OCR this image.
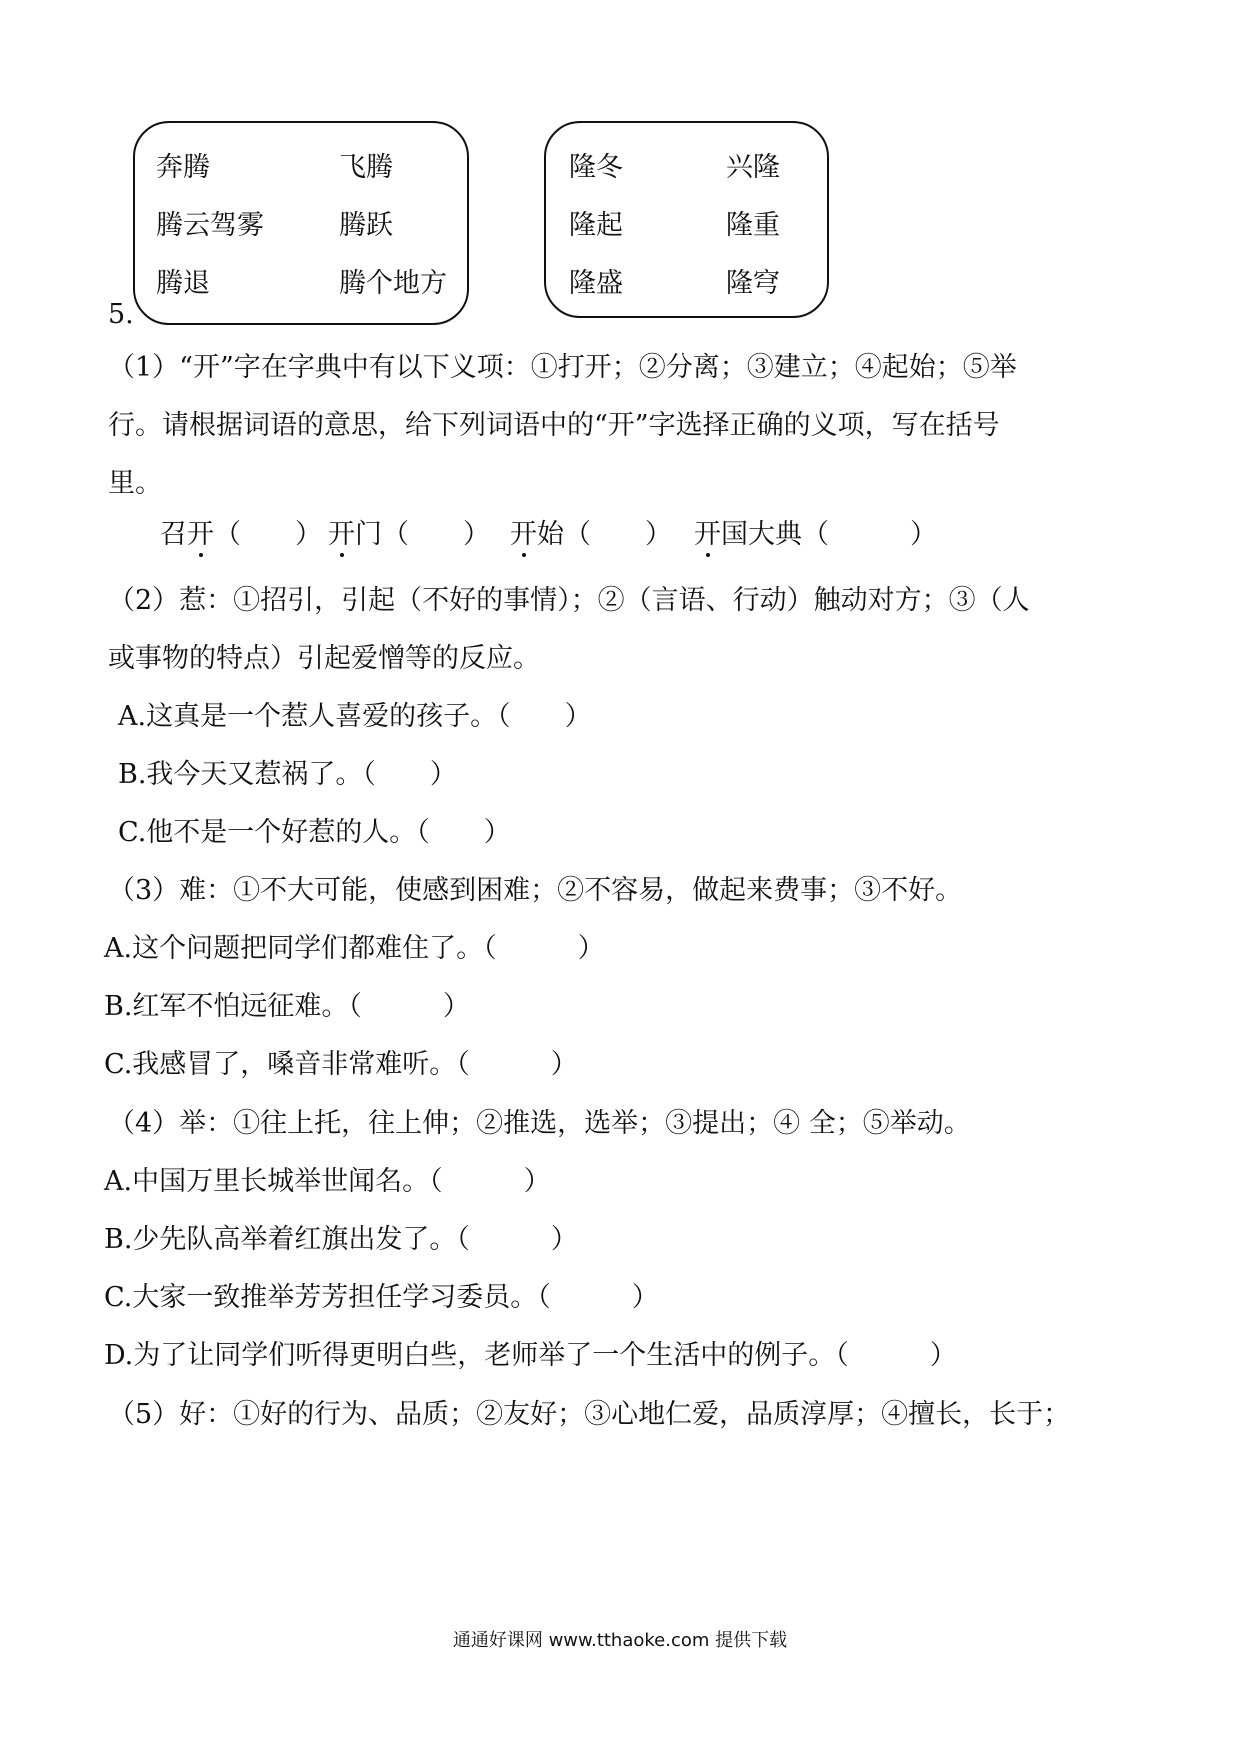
5.
奔腾	飞腾
腾云驾雾	腾跃
腾退	腾个地方
隆冬	兴隆
隆起	隆重
隆盛	隆穹
（1）“开”字在字典中有以下义项：①打开；②分离；③建立；④起始；⑤举
行。请根据词语的意思，给下列词语中的“开”字选择正确的义项，写在括号
里。
召开（　　） 开门（　　） 开始（　　） 开国大典（　　　）
（2）惹：①招引，引起（不好的事情）；②（言语、行动）触动对方；③（人
或事物的特点）引起爱憎等的反应。
A.这真是一个惹人喜爱的孩子。（　　）
B.我今天又惹祸了。（　　）
C.他不是一个好惹的人。（　　）
（3）难：①不大可能，使感到困难；②不容易，做起来费事；③不好。
A.这个问题把同学们都难住了。（　　　）
B.红军不怕远征难。（　　　）
C.我感冒了，嗓音非常难听。（　　　）
（4）举：①往上托，往上伸；②推选，选举；③提出；④ 全；⑤举动。
A.中国万里长城举世闻名。（　　　）
B.少先队高举着红旗出发了。（　　　）
C.大家一致推举芳芳担任学习委员。（　　　）
D.为了让同学们听得更明白些，老师举了一个生活中的例子。（　　　）
（5）好：①好的行为、品质；②友好；③心地仁爱，品质淳厚；④擅长，长于；
通通好课网 www.tthaoke.com 提供下载
